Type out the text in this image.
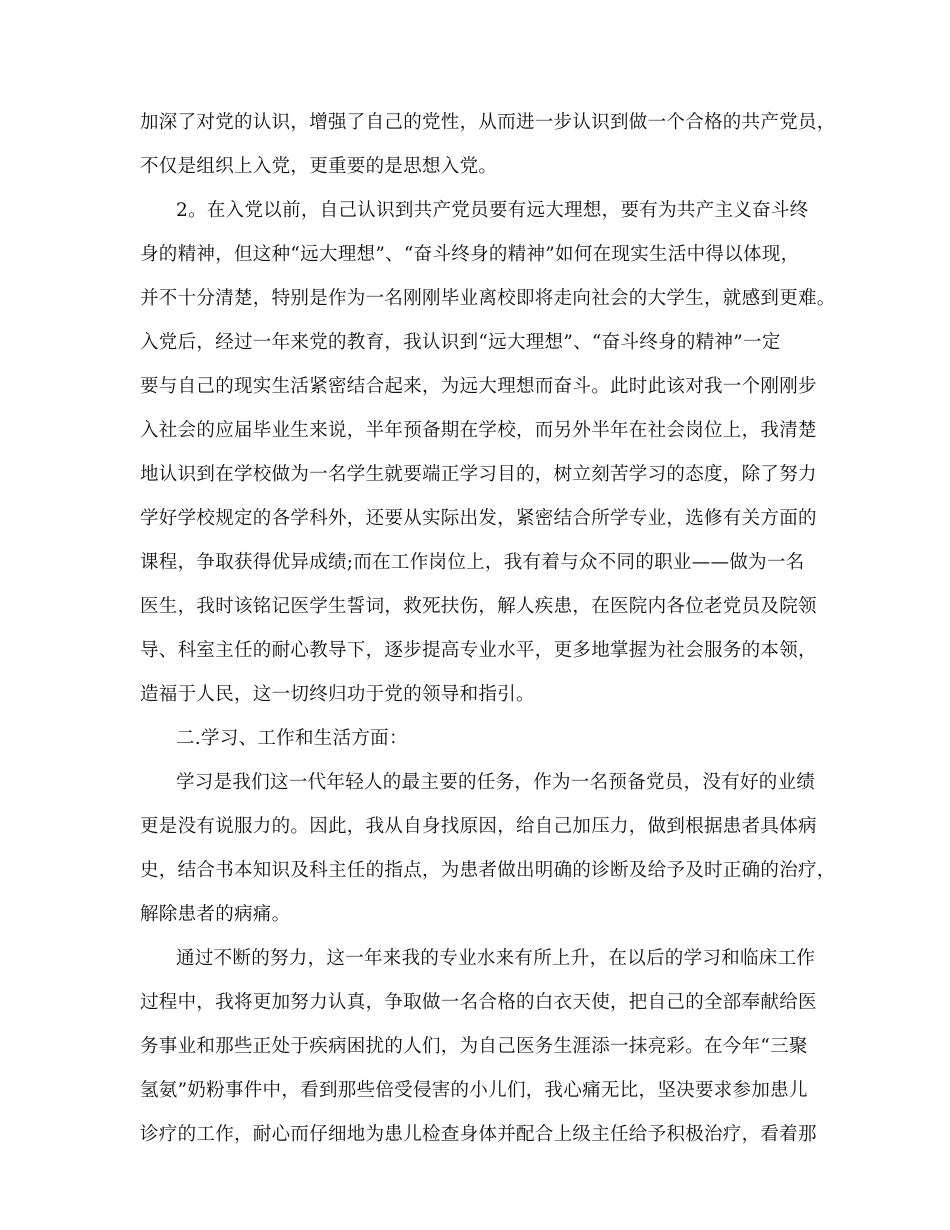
加深了对党的认识，增强了自己的党性，从而进一步认识到做一个合格的共产党员，
不仅是组织上入党，更重要的是思想入党。
2。在入党以前，自己认识到共产党员要有远大理想，要有为共产主义奋斗终
身的精神，但这种“远大理想”、“奋斗终身的精神”如何在现实生活中得以体现，
并不十分清楚，特别是作为一名刚刚毕业离校即将走向社会的大学生，就感到更难。
入党后，经过一年来党的教育，我认识到“远大理想”、“奋斗终身的精神”一定
要与自己的现实生活紧密结合起来，为远大理想而奋斗。此时此该对我一个刚刚步
入社会的应届毕业生来说，半年预备期在学校，而另外半年在社会岗位上，我清楚
地认识到在学校做为一名学生就要端正学习目的，树立刻苦学习的态度，除了努力
学好学校规定的各学科外，还要从实际出发，紧密结合所学专业，选修有关方面的
课程，争取获得优异成绩;而在工作岗位上，我有着与众不同的职业——做为一名
医生，我时该铭记医学生誓词，救死扶伤，解人疾患，在医院内各位老党员及院领
导、科室主任的耐心教导下，逐步提高专业水平，更多地掌握为社会服务的本领，
造福于人民，这一切终归功于党的领导和指引。
二.学习、工作和生活方面：
学习是我们这一代年轻人的最主要的任务，作为一名预备党员，没有好的业绩
更是没有说服力的。因此，我从自身找原因，给自己加压力，做到根据患者具体病
史，结合书本知识及科主任的指点，为患者做出明确的诊断及给予及时正确的治疗，
解除患者的病痛。
通过不断的努力，这一年来我的专业水来有所上升，在以后的学习和临床工作
过程中，我将更加努力认真，争取做一名合格的白衣天使，把自己的全部奉献给医
务事业和那些正处于疾病困扰的人们，为自己医务生涯添一抹亮彩。在今年“三聚
氢氨”奶粉事件中，看到那些倍受侵害的小儿们，我心痛无比，坚决要求参加患儿
诊疗的工作，耐心而仔细地为患儿检查身体并配合上级主任给予积极治疗，看着那
